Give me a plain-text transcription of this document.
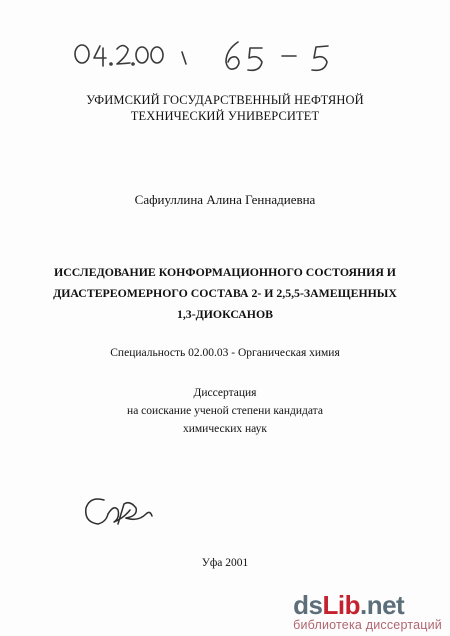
УФИМСКИЙ ГОСУДАРСТВЕННЫЙ НЕФТЯНОЙ
ТЕХНИЧЕСКИЙ УНИВЕРСИТЕТ
Сафиуллина Алина Геннадиевна
ИССЛЕДОВАНИЕ КОНФОРМАЦИОННОГО СОСТОЯНИЯ И
ДИАСТЕРЕОМЕРНОГО СОСТАВА 2- И 2,5,5-ЗАМЕЩЕННЫХ
1,3-ДИОКСАНОВ
Специальность 02.00.03 - Органическая химия
Диссертация
на соискание ученой степени кандидата
химических наук
Уфа 2001
dsLib.net
библиотека диссертаций
